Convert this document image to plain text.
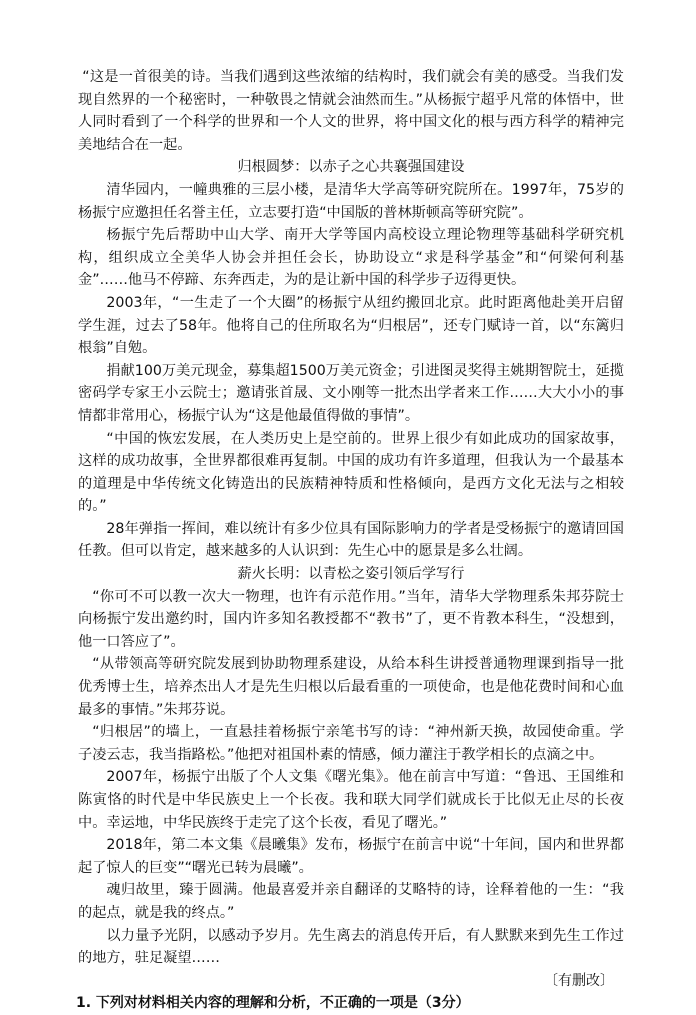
“这是一首很美的诗。当我们遇到这些浓缩的结构时，我们就会有美的感受。当我们发现自然界的一个秘密时，一种敬畏之情就会油然而生。”从杨振宁超乎凡常的体悟中，世人同时看到了一个科学的世界和一个人文的世界，将中国文化的根与西方科学的精神完美地结合在一起。

归根圆梦：以赤子之心共襄强国建设

清华园内，一幢典雅的三层小楼，是清华大学高等研究院所在。1997年，75岁的杨振宁应邀担任名誉主任，立志要打造“中国版的普林斯顿高等研究院”。

杨振宁先后帮助中山大学、南开大学等国内高校设立理论物理等基础科学研究机构，组织成立全美华人协会并担任会长，协助设立“求是科学基金”和“何梁何利基金”……他马不停蹄、东奔西走，为的是让新中国的科学步子迈得更快。

2003年，“一生走了一个大圈”的杨振宁从纽约搬回北京。此时距离他赴美开启留学生涯，过去了58年。他将自己的住所取名为“归根居”，还专门赋诗一首，以“东篱归根翁”自勉。

捐献100万美元现金，募集超1500万美元资金；引进图灵奖得主姚期智院士，延揽密码学专家王小云院士；邀请张首晟、文小刚等一批杰出学者来工作……大大小小的事情都非常用心，杨振宁认为“这是他最值得做的事情”。

“中国的恢宏发展，在人类历史上是空前的。世界上很少有如此成功的国家故事，这样的成功故事，全世界都很难再复制。中国的成功有许多道理，但我认为一个最基本的道理是中华传统文化铸造出的民族精神特质和性格倾向，是西方文化无法与之相较的。”

28年弹指一挥间，难以统计有多少位具有国际影响力的学者是受杨振宁的邀请回国任教。但可以肯定，越来越多的人认识到：先生心中的愿景是多么壮阔。

薪火长明：以青松之姿引领后学写行

“你可不可以教一次大一物理，也许有示范作用。”当年，清华大学物理系朱邦芬院士向杨振宁发出邀约时，国内许多知名教授都不“教书”了，更不肯教本科生，“没想到，他一口答应了”。

“从带领高等研究院发展到协助物理系建设，从给本科生讲授普通物理课到指导一批优秀博士生，培养杰出人才是先生归根以后最看重的一项使命，也是他花费时间和心血最多的事情。”朱邦芬说。

“归根居”的墙上，一直悬挂着杨振宁亲笔书写的诗：“神州新天换，故园使命重。学子凌云志，我当指路松。”他把对祖国朴素的情感，倾力灌注于教学相长的点滴之中。

2007年，杨振宁出版了个人文集《曙光集》。他在前言中写道：“鲁迅、王国维和陈寅恪的时代是中华民族史上一个长夜。我和联大同学们就成长于比似无止尽的长夜中。幸运地，中华民族终于走完了这个长夜，看见了曙光。”

2018年，第二本文集《晨曦集》发布，杨振宁在前言中说“十年间，国内和世界都起了惊人的巨变”“曙光已转为晨曦”。

魂归故里，臻于圆满。他最喜爱并亲自翻译的艾略特的诗，诠释着他的一生：“我的起点，就是我的终点。”

以力量予光阴，以感动予岁月。先生离去的消息传开后，有人默默来到先生工作过的地方，驻足凝望……

〔有删改〕

1. 下列对材料相关内容的理解和分析，不正确的一项是（3分）
